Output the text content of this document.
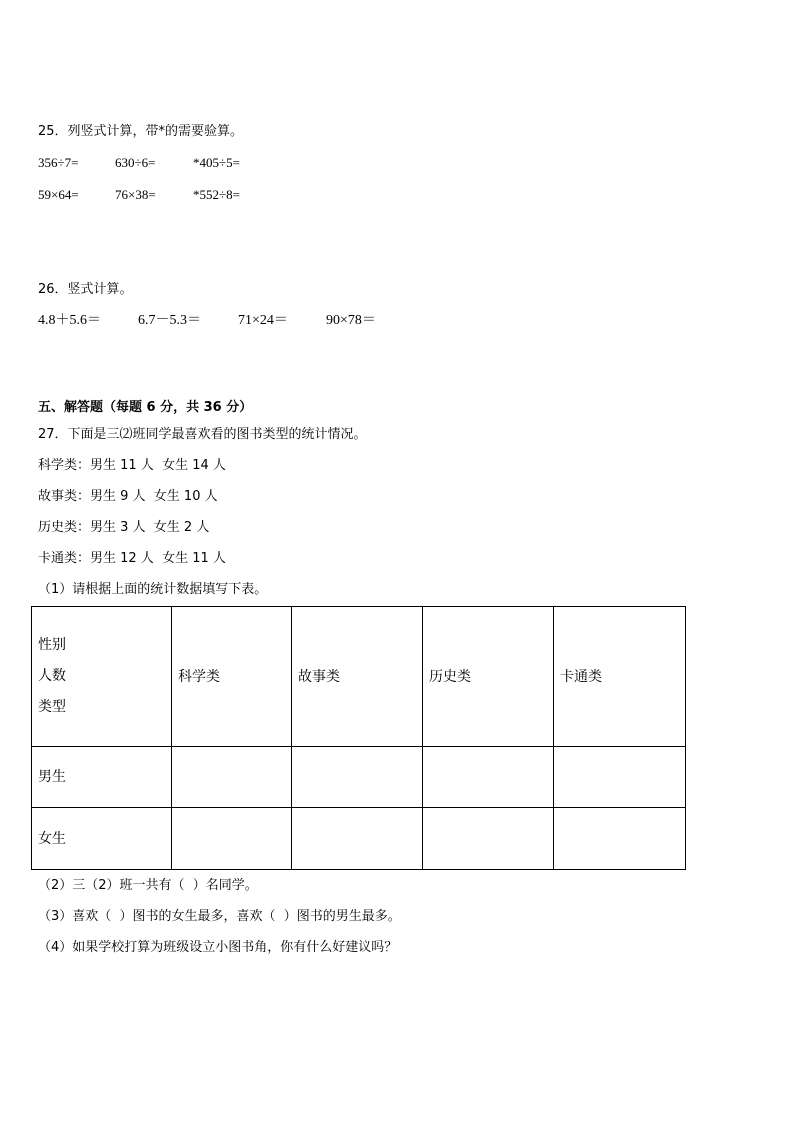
25．列竖式计算，带*的需要验算。
356÷7=	630÷6=	*405÷5=
59×64=	76×38=	*552÷8=
26．竖式计算。
4.8＋5.6＝	6.7－5.3＝	71×24＝	90×78＝
五、解答题（每题 6 分，共 36 分）
27．下面是三⑵班同学最喜欢看的图书类型的统计情况。
科学类：男生 11 人  女生 14 人
故事类：男生 9 人  女生 10 人
历史类：男生 3 人  女生 2 人
卡通类：男生 12 人  女生 11 人
（1）请根据上面的统计数据填写下表。
性别
人数
类型	科学类	故事类	历史类	卡通类
男生				
女生				
（2）三（2）班一共有（  ）名同学。
（3）喜欢（  ）图书的女生最多，喜欢（  ）图书的男生最多。
（4）如果学校打算为班级设立小图书角，你有什么好建议吗？
